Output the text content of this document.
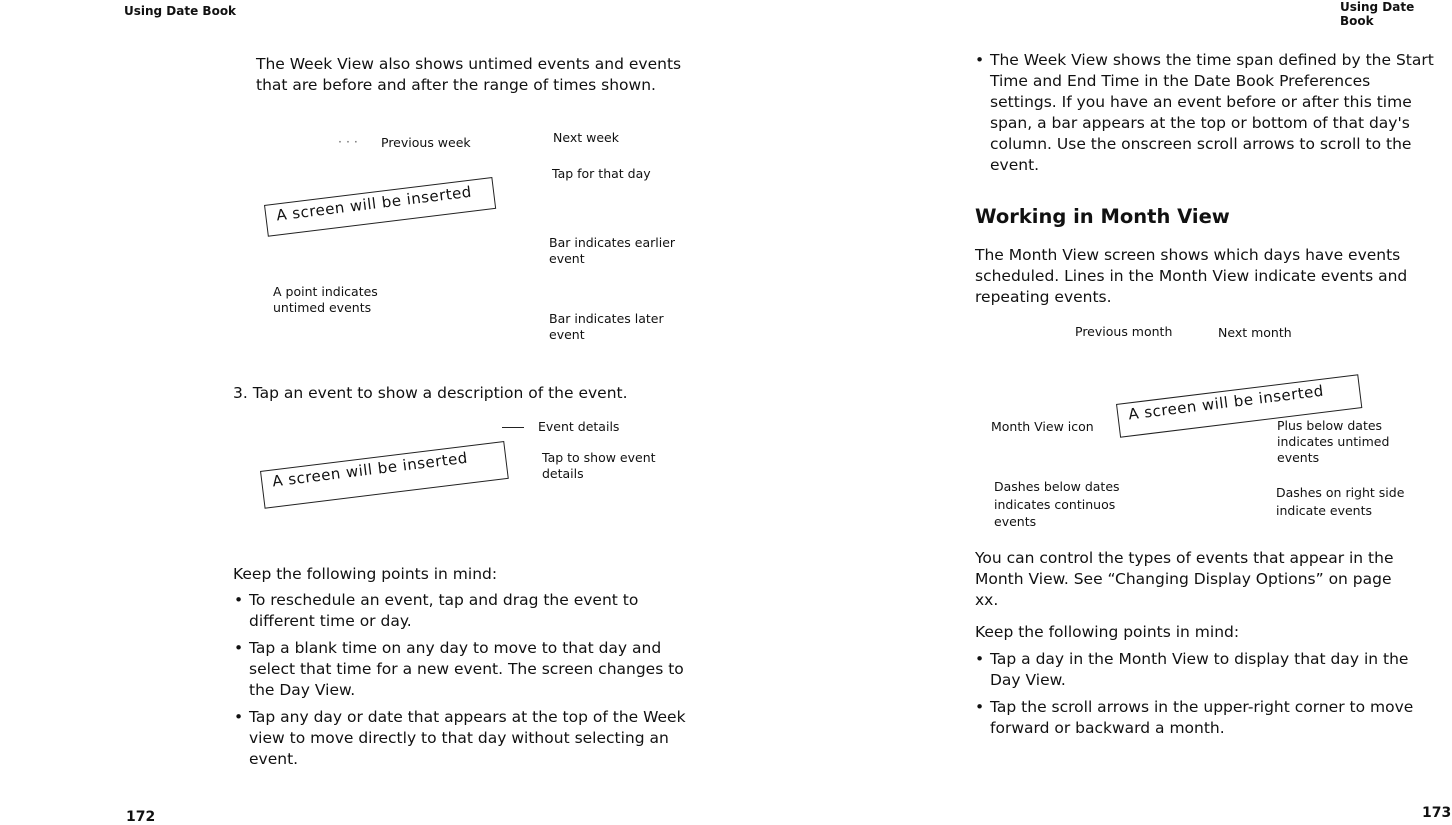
Using Date Book
The Week View also shows untimed events and events
that are before and after the range of times shown.
· · · Previous week	Next week
Tap for that day
A screen will be inserted
Bar indicates earlier
event
A point indicates
untimed events
Bar indicates later
event
3. Tap an event to show a description of the event.
Event details
A screen will be inserted	Tap to show event
details
Keep the following points in mind:
• To reschedule an event, tap and drag the event to
different time or day.
• Tap a blank time on any day to move to that day and
select that time for a new event. The screen changes to
the Day View.
• Tap any day or date that appears at the top of the Week
view to move directly to that day without selecting an
event.
172
Using Date Book
• The Week View shows the time span defined by the Start
Time and End Time in the Date Book Preferences
settings. If you have an event before or after this time
span, a bar appears at the top or bottom of that day's
column. Use the onscreen scroll arrows to scroll to the
event.
Working in Month View
The Month View screen shows which days have events
scheduled. Lines in the Month View indicate events and
repeating events.
Previous month	Next month
Month View icon
A screen will be inserted
Plus below dates
indicates untimed
events
Dashes below dates
indicates continuos
events
Dashes on right side
indicate events
You can control the types of events that appear in the
Month View. See “Changing Display Options” on page
xx.
Keep the following points in mind:
• Tap a day in the Month View to display that day in the
Day View.
• Tap the scroll arrows in the upper-right corner to move
forward or backward a month.
173
